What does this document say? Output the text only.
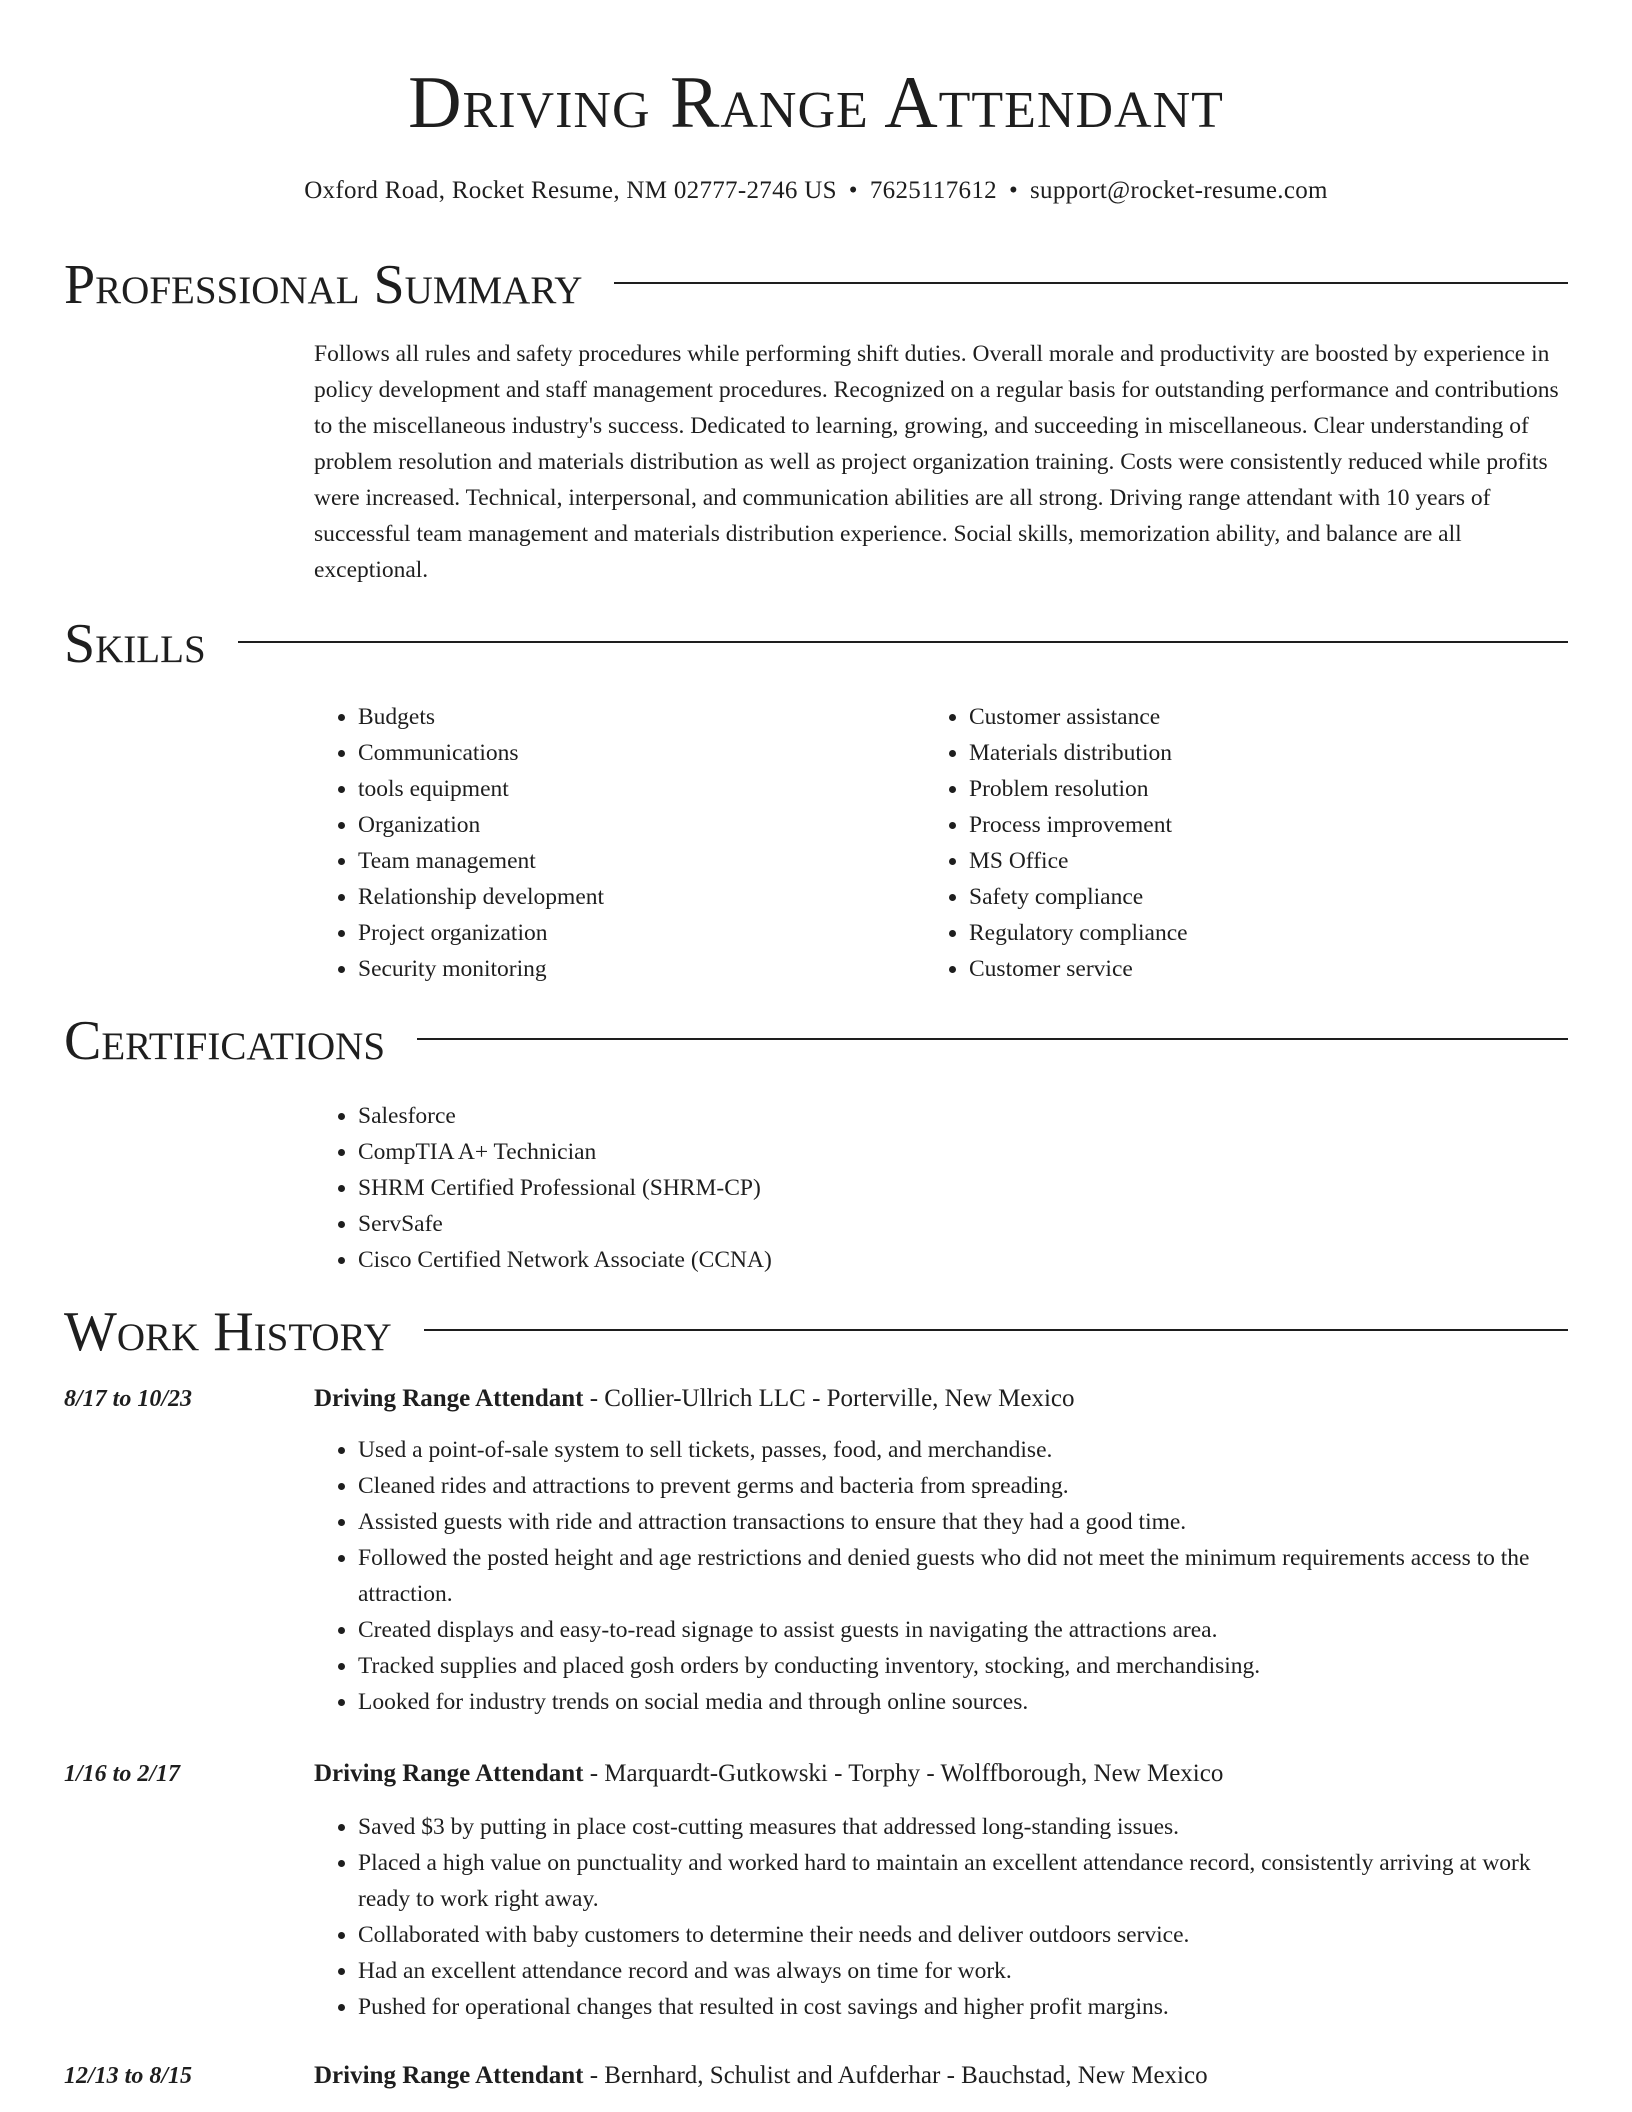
Driving Range Attendant
Oxford Road, Rocket Resume, NM 02777-2746 US • 7625117612 • support@rocket-resume.com
Professional Summary
Follows all rules and safety procedures while performing shift duties. Overall morale and productivity are boosted by experience in policy development and staff management procedures. Recognized on a regular basis for outstanding performance and contributions to the miscellaneous industry's success. Dedicated to learning, growing, and succeeding in miscellaneous. Clear understanding of problem resolution and materials distribution as well as project organization training. Costs were consistently reduced while profits were increased. Technical, interpersonal, and communication abilities are all strong. Driving range attendant with 10 years of successful team management and materials distribution experience. Social skills, memorization ability, and balance are all exceptional.
Skills
• Budgets
• Communications
• tools equipment
• Organization
• Team management
• Relationship development
• Project organization
• Security monitoring
• Customer assistance
• Materials distribution
• Problem resolution
• Process improvement
• MS Office
• Safety compliance
• Regulatory compliance
• Customer service
Certifications
• Salesforce
• CompTIA A+ Technician
• SHRM Certified Professional (SHRM-CP)
• ServSafe
• Cisco Certified Network Associate (CCNA)
Work History
8/17 to 10/23	Driving Range Attendant - Collier-Ullrich LLC - Porterville, New Mexico
• Used a point-of-sale system to sell tickets, passes, food, and merchandise.
• Cleaned rides and attractions to prevent germs and bacteria from spreading.
• Assisted guests with ride and attraction transactions to ensure that they had a good time.
• Followed the posted height and age restrictions and denied guests who did not meet the minimum requirements access to the attraction.
• Created displays and easy-to-read signage to assist guests in navigating the attractions area.
• Tracked supplies and placed gosh orders by conducting inventory, stocking, and merchandising.
• Looked for industry trends on social media and through online sources.
1/16 to 2/17	Driving Range Attendant - Marquardt-Gutkowski - Torphy - Wolffborough, New Mexico
• Saved $3 by putting in place cost-cutting measures that addressed long-standing issues.
• Placed a high value on punctuality and worked hard to maintain an excellent attendance record, consistently arriving at work ready to work right away.
• Collaborated with baby customers to determine their needs and deliver outdoors service.
• Had an excellent attendance record and was always on time for work.
• Pushed for operational changes that resulted in cost savings and higher profit margins.
12/13 to 8/15	Driving Range Attendant - Bernhard, Schulist and Aufderhar - Bauchstad, New Mexico
